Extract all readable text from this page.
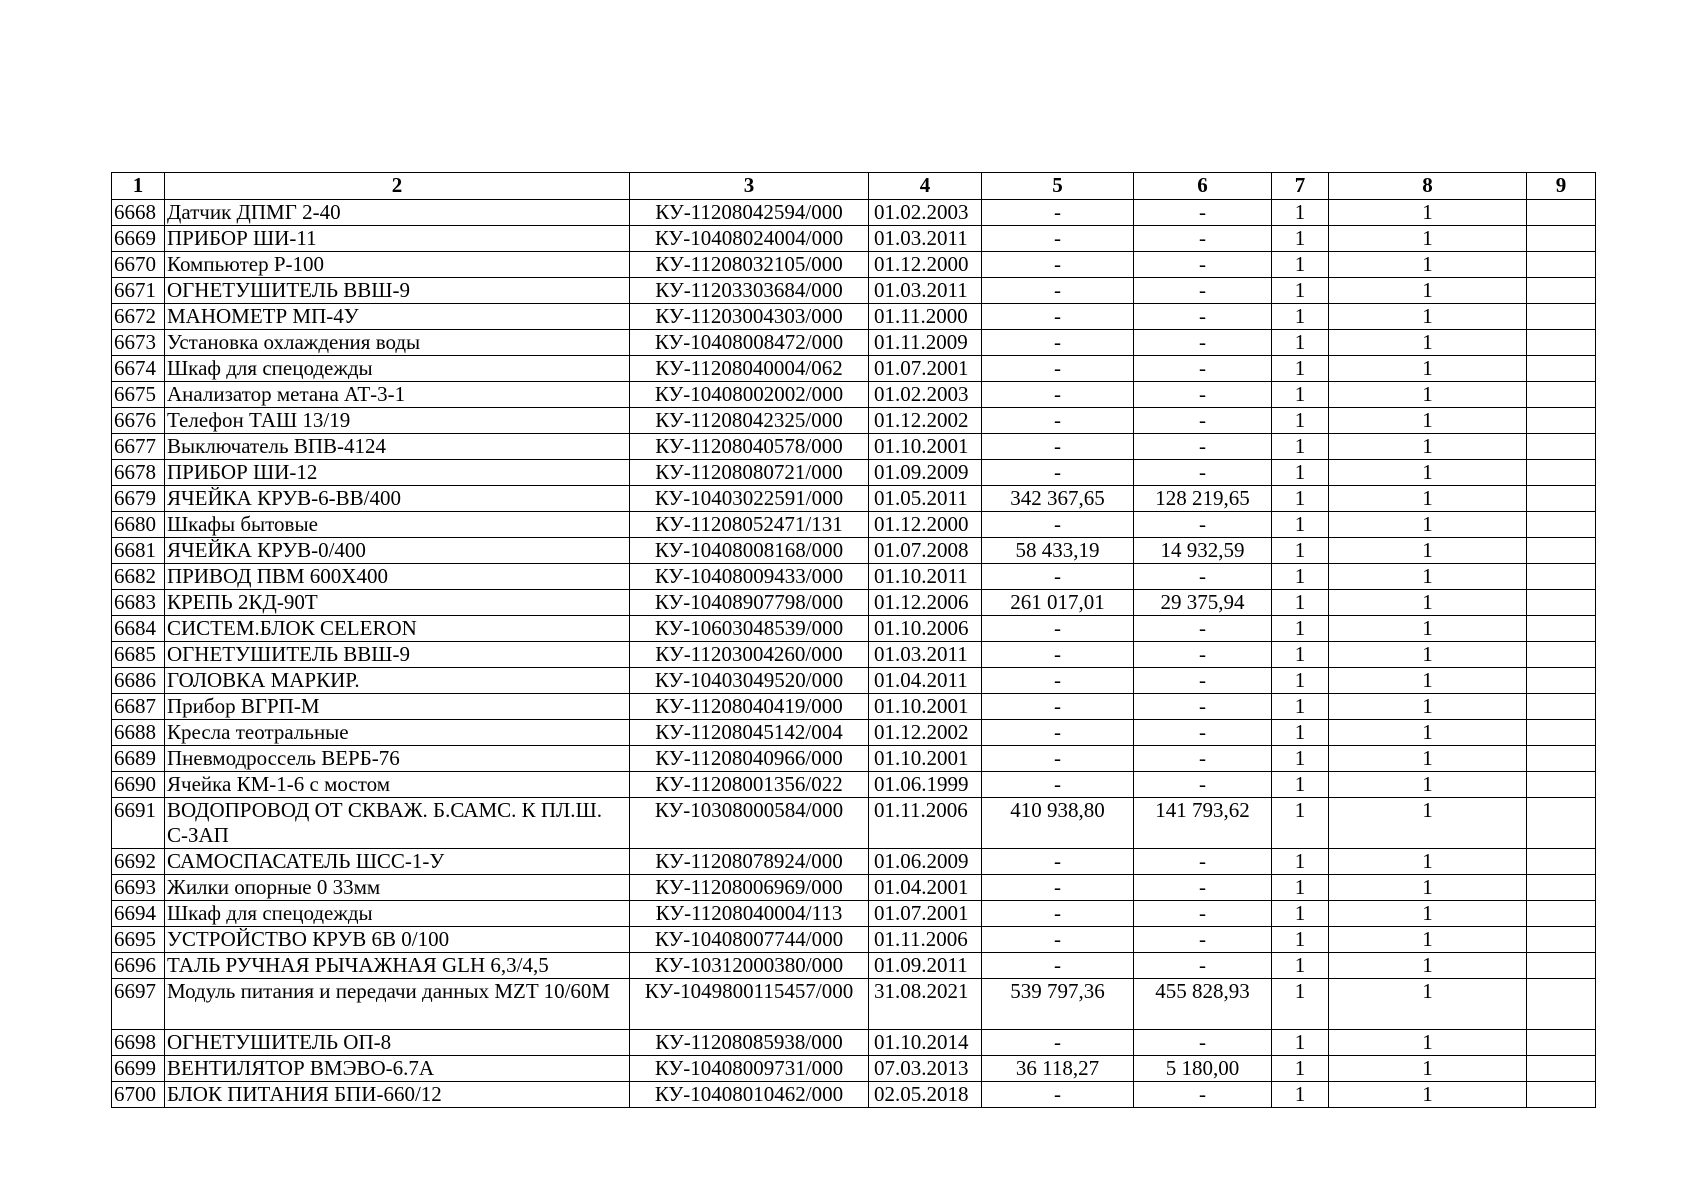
1	2	3	4	5	6	7	8	9
6668	Датчик ДПМГ 2-40	КУ-11208042594/000	01.02.2003	-	-	1	1	
6669	ПРИБОР ШИ-11	КУ-10408024004/000	01.03.2011	-	-	1	1	
6670	Компьютер Р-100	КУ-11208032105/000	01.12.2000	-	-	1	1	
6671	ОГНЕТУШИТЕЛЬ ВВШ-9	КУ-11203303684/000	01.03.2011	-	-	1	1	
6672	МАНОМЕТР МП-4У	КУ-11203004303/000	01.11.2000	-	-	1	1	
6673	Установка охлаждения воды	КУ-10408008472/000	01.11.2009	-	-	1	1	
6674	Шкаф для спецодежды	КУ-11208040004/062	01.07.2001	-	-	1	1	
6675	Анализатор метана АТ-3-1	КУ-10408002002/000	01.02.2003	-	-	1	1	
6676	Телефон ТАШ 13/19	КУ-11208042325/000	01.12.2002	-	-	1	1	
6677	Выключатель ВПВ-4124	КУ-11208040578/000	01.10.2001	-	-	1	1	
6678	ПРИБОР ШИ-12	КУ-11208080721/000	01.09.2009	-	-	1	1	
6679	ЯЧЕЙКА КРУВ-6-ВВ/400	КУ-10403022591/000	01.05.2011	342 367,65	128 219,65	1	1	
6680	Шкафы бытовые	КУ-11208052471/131	01.12.2000	-	-	1	1	
6681	ЯЧЕЙКА КРУВ-0/400	КУ-10408008168/000	01.07.2008	58 433,19	14 932,59	1	1	
6682	ПРИВОД ПВМ 600Х400	КУ-10408009433/000	01.10.2011	-	-	1	1	
6683	КРЕПЬ 2КД-90Т	КУ-10408907798/000	01.12.2006	261 017,01	29 375,94	1	1	
6684	СИСТЕМ.БЛОК CELERON	КУ-10603048539/000	01.10.2006	-	-	1	1	
6685	ОГНЕТУШИТЕЛЬ ВВШ-9	КУ-11203004260/000	01.03.2011	-	-	1	1	
6686	ГОЛОВКА МАРКИР.	КУ-10403049520/000	01.04.2011	-	-	1	1	
6687	Прибор ВГРП-М	КУ-11208040419/000	01.10.2001	-	-	1	1	
6688	Кресла теотральные	КУ-11208045142/004	01.12.2002	-	-	1	1	
6689	Пневмодроссель ВЕРБ-76	КУ-11208040966/000	01.10.2001	-	-	1	1	
6690	Ячейка КМ-1-6 с мостом	КУ-11208001356/022	01.06.1999	-	-	1	1	
6691	ВОДОПРОВОД ОТ СКВАЖ. Б.САМС. К ПЛ.Ш. С-ЗАП	КУ-10308000584/000	01.11.2006	410 938,80	141 793,62	1	1	
6692	САМОСПАСАТЕЛЬ ШСС-1-У	КУ-11208078924/000	01.06.2009	-	-	1	1	
6693	Жилки опорные 0 33мм	КУ-11208006969/000	01.04.2001	-	-	1	1	
6694	Шкаф для спецодежды	КУ-11208040004/113	01.07.2001	-	-	1	1	
6695	УСТРОЙСТВО КРУВ 6В 0/100	КУ-10408007744/000	01.11.2006	-	-	1	1	
6696	ТАЛЬ РУЧНАЯ РЫЧАЖНАЯ GLH 6,3/4,5	КУ-10312000380/000	01.09.2011	-	-	1	1	
6697	Модуль питания и передачи данных MZT 10/60М	КУ-1049800115457/000	31.08.2021	539 797,36	455 828,93	1	1	
6698	ОГНЕТУШИТЕЛЬ ОП-8	КУ-11208085938/000	01.10.2014	-	-	1	1	
6699	ВЕНТИЛЯТОР ВМЭВО-6.7А	КУ-10408009731/000	07.03.2013	36 118,27	5 180,00	1	1	
6700	БЛОК ПИТАНИЯ БПИ-660/12	КУ-10408010462/000	02.05.2018	-	-	1	1	
